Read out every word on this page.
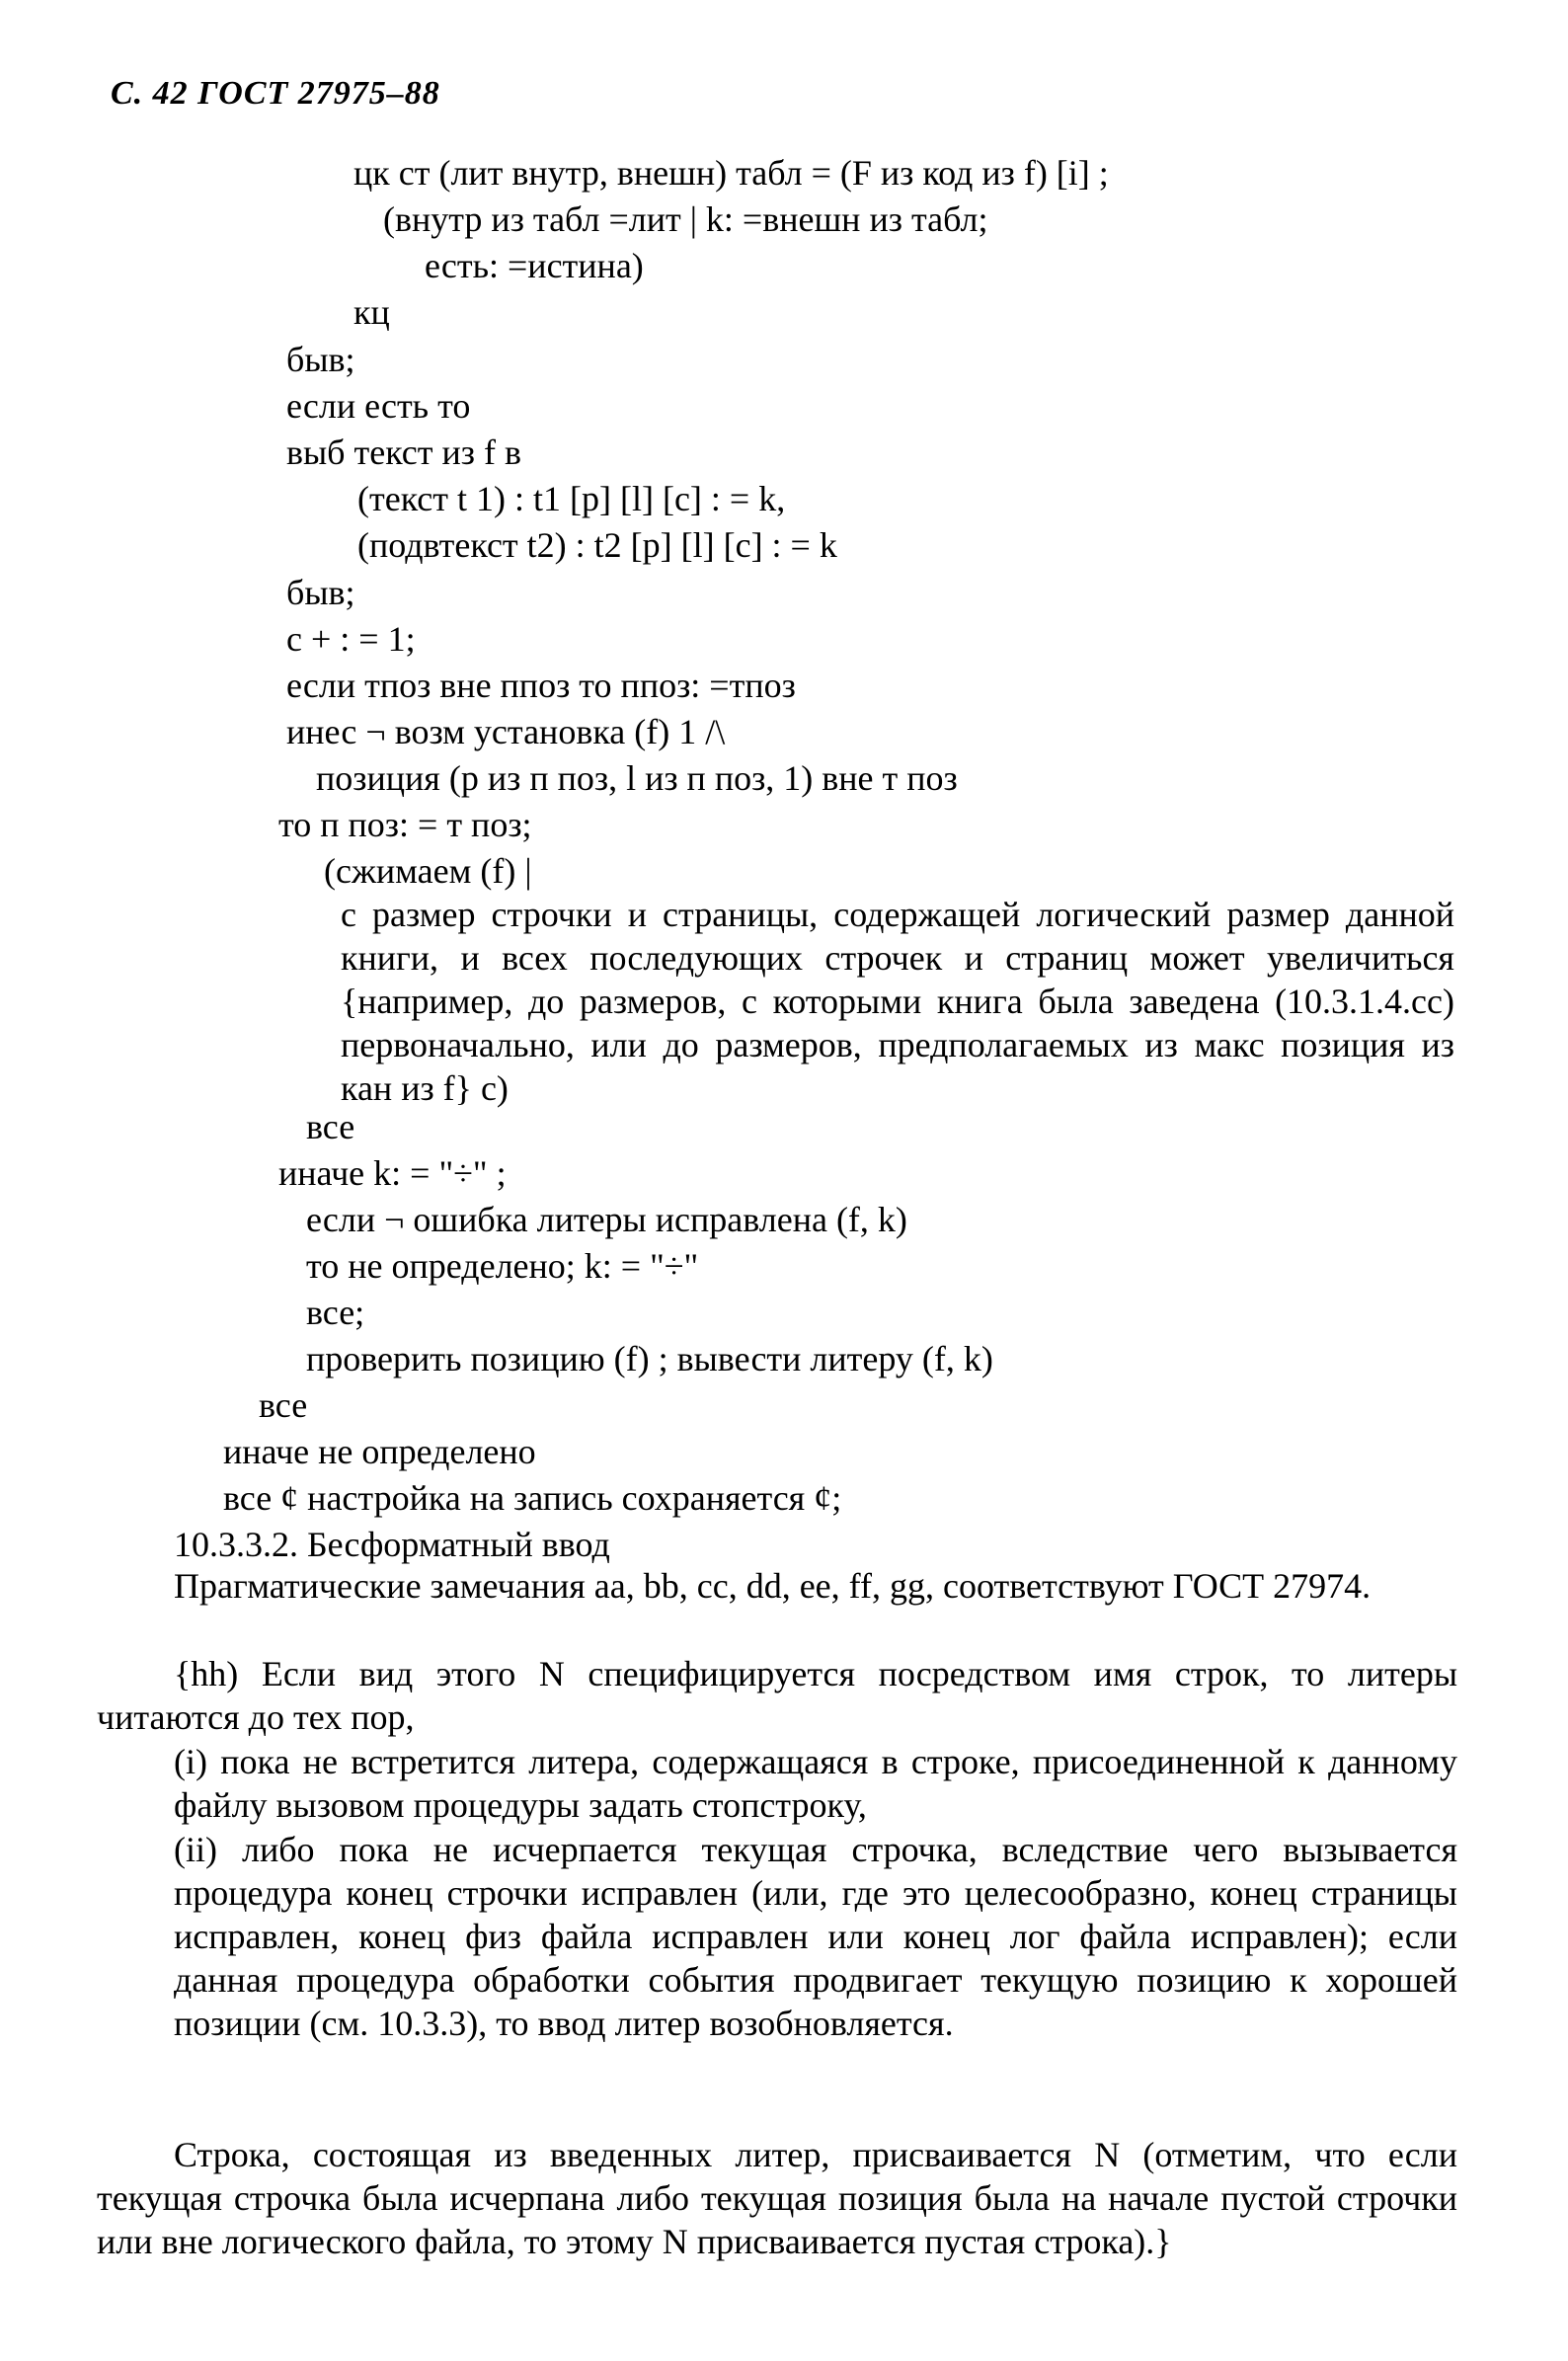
С. 42 ГОСТ 27975–88
цк ст (лит внутр, внешн) табл = (F из код из f) [i] ;
(внутр из табл =лит | k: =внешн из табл;
есть: =истина)
кц
быв;
если есть то
выб текст из f в
(текст t 1) : t1 [p] [l] [c] : = k,
(подвтекст t2) : t2 [p] [l] [c] : = k
быв;
c + : = 1;
если тпоз вне ппоз то ппоз: =тпоз
инес ¬ возм установка (f) 1 /\
позиция (р из п поз, l из п поз, 1) вне т поз
то п поз: = т поз;
(сжимаем (f) |
с размер строчки и страницы, содержащей логический размер данной книги, и всех последующих строчек и страниц может увеличиться {например, до размеров, с которыми книга была заведена (10.3.1.4.cc) первоначально, или до размеров, предполагаемых из макс позиция из кан из f} с)
все
иначе k: = "÷" ;
если ¬ ошибка литеры исправлена (f, k)
то не определено; k: = "÷"
все;
проверить позицию (f) ; вывести литеру (f, k)
все
иначе не определено
все ¢ настройка на запись сохраняется ¢;
10.3.3.2. Бесформатный ввод
Прагматические замечания аа, bb, cc, dd, ee, ff, gg, соответствуют ГОСТ 27974.
{hh) Если вид этого N специфицируется посредством имя строк, то литеры читаются до тех пор,
(i) пока не встретится литера, содержащаяся в строке, присоединенной к данному файлу вызовом процедуры задать стопстроку,
(ii) либо пока не исчерпается текущая строчка, вследствие чего вызывается процедура конец строчки исправлен (или, где это целесообразно, конец страницы исправлен, конец физ файла исправлен или конец лог файла исправлен); если данная процедура обработки события продвигает текущую позицию к хорошей позиции (см. 10.3.3), то ввод литер возобновляется.
Строка, состоящая из введенных литер, присваивается N (отметим, что если текущая строчка была исчерпана либо текущая позиция была на начале пустой строчки или вне логического файла, то этому N присваивается пустая строка).}
